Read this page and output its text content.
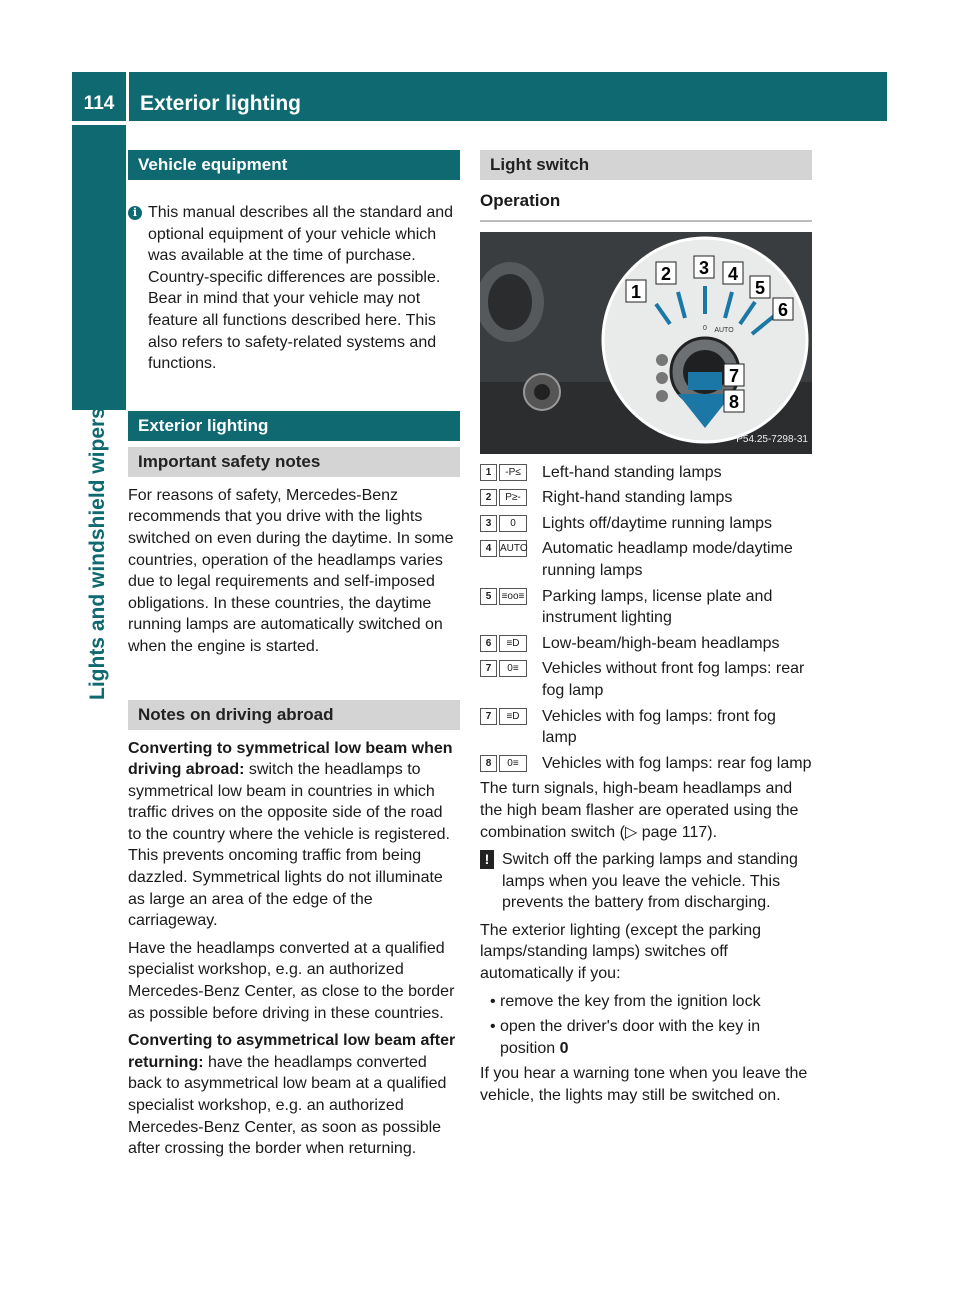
114	Exterior lighting
Lights and windshield wipers
Vehicle equipment
i This manual describes all the standard and optional equipment of your vehicle which was available at the time of purchase. Country-specific differences are possible. Bear in mind that your vehicle may not feature all functions described here. This also refers to safety-related systems and functions.
Exterior lighting
Important safety notes

For reasons of safety, Mercedes-Benz recommends that you drive with the lights switched on even during the daytime. In some countries, operation of the headlamps varies due to legal requirements and self-imposed obligations. In these countries, the daytime running lamps are automatically switched on when the engine is started.

Notes on driving abroad

Converting to symmetrical low beam when driving abroad: switch the headlamps to symmetrical low beam in countries in which traffic drives on the opposite side of the road to the country where the vehicle is registered. This prevents oncoming traffic from being dazzled. Symmetrical lights do not illuminate as large an area of the edge of the carriageway.

Have the headlamps converted at a qualified specialist workshop, e.g. an authorized Mercedes-Benz Center, as close to the border as possible before driving in these countries.

Converting to asymmetrical low beam after returning: have the headlamps converted back to asymmetrical low beam at a qualified specialist workshop, e.g. an authorized Mercedes-Benz Center, as soon as possible after crossing the border when returning.

Light switch
Operation
1
2 3 4
5
6
7
8
0 AUTO
P54.25-7298-31
1	-P≤	Left-hand standing lamps
2	P≥-	Right-hand standing lamps
3	0	Lights off/daytime running lamps
4 AUTO Automatic headlamp mode/daytime running lamps
5	≡oo≡ Parking lamps, license plate and instrument lighting
6	≡D	Low-beam/high-beam headlamps
7	0≡	Vehicles without front fog lamps: rear fog lamp
7	≡D	Vehicles with fog lamps: front fog lamp
8	0≡	Vehicles with fog lamps: rear fog lamp

The turn signals, high-beam headlamps and the high beam flasher are operated using the combination switch (▷ page 117).

! Switch off the parking lamps and standing lamps when you leave the vehicle. This prevents the battery from discharging.

The exterior lighting (except the parking lamps/standing lamps) switches off automatically if you:

• remove the key from the ignition lock
• open the driver's door with the key in position 0

If you hear a warning tone when you leave the vehicle, the lights may still be switched on.
